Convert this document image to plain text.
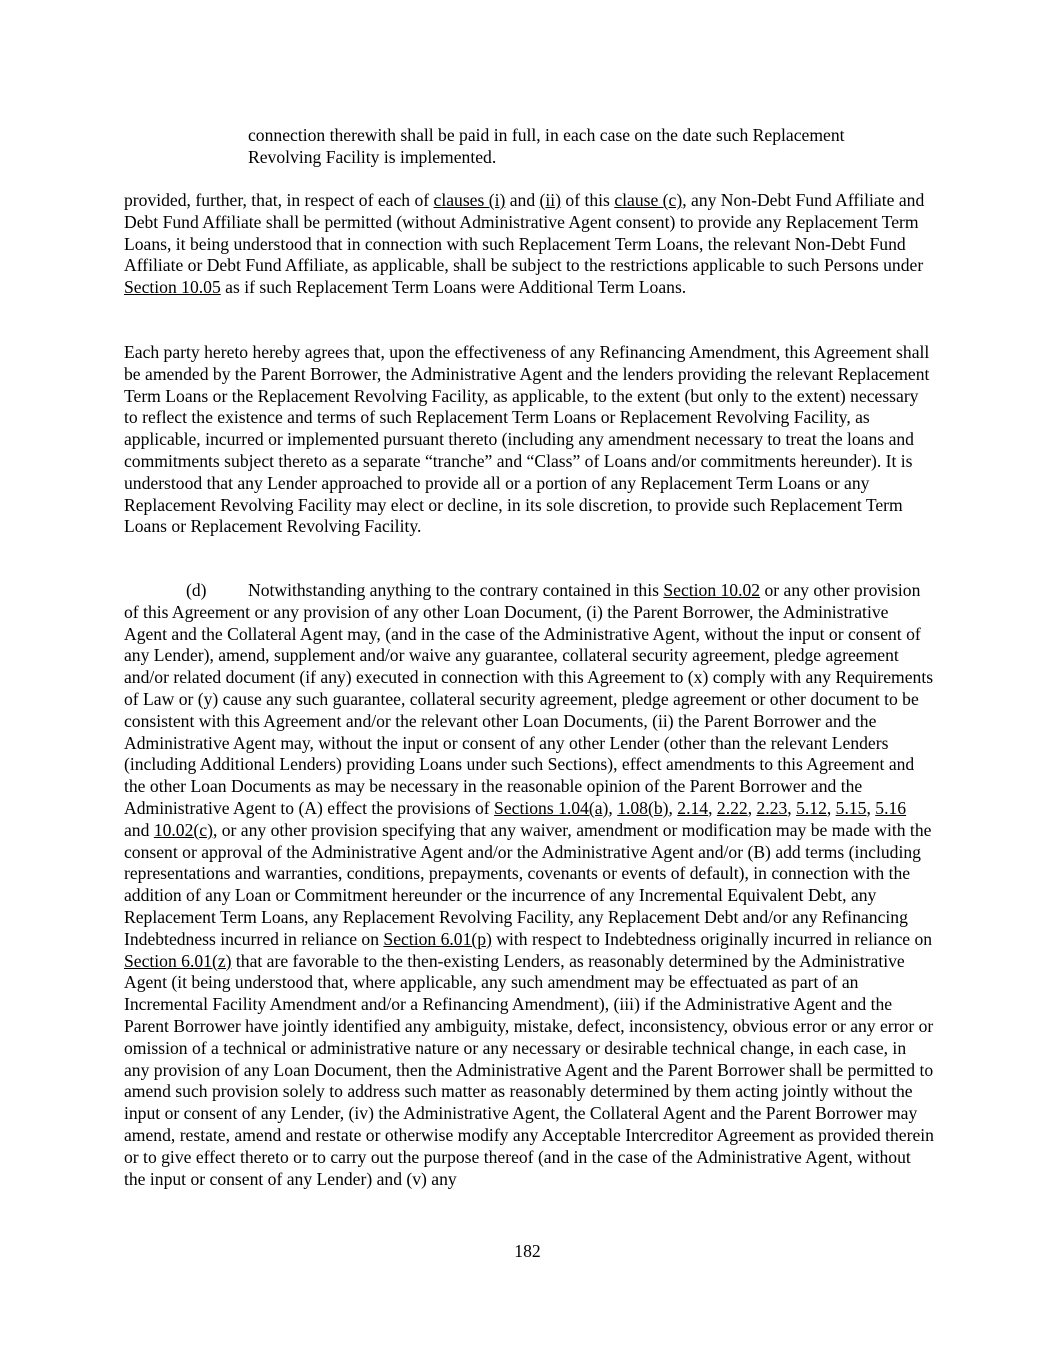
connection therewith shall be paid in full, in each case on the date such Replacement
Revolving Facility is implemented.

provided, further, that, in respect of each of clauses (i) and (ii) of this clause (c), any Non-Debt Fund Affiliate and Debt Fund Affiliate shall be permitted (without Administrative Agent consent) to provide any Replacement Term Loans, it being understood that in connection with such Replacement Term Loans, the relevant Non-Debt Fund Affiliate or Debt Fund Affiliate, as applicable, shall be subject to the restrictions applicable to such Persons under Section 10.05 as if such Replacement Term Loans were Additional Term Loans.

Each party hereto hereby agrees that, upon the effectiveness of any Refinancing Amendment, this Agreement shall be amended by the Parent Borrower, the Administrative Agent and the lenders providing the relevant Replacement Term Loans or the Replacement Revolving Facility, as applicable, to the extent (but only to the extent) necessary to reflect the existence and terms of such Replacement Term Loans or Replacement Revolving Facility, as applicable, incurred or implemented pursuant thereto (including any amendment necessary to treat the loans and commitments subject thereto as a separate “tranche” and “Class” of Loans and/or commitments hereunder). It is understood that any Lender approached to provide all or a portion of any Replacement Term Loans or any Replacement Revolving Facility may elect or decline, in its sole discretion, to provide such Replacement Term Loans or Replacement Revolving Facility.

(d) Notwithstanding anything to the contrary contained in this Section 10.02 or any other provision of this Agreement or any provision of any other Loan Document, (i) the Parent Borrower, the Administrative Agent and the Collateral Agent may, (and in the case of the Administrative Agent, without the input or consent of any Lender), amend, supplement and/or waive any guarantee, collateral security agreement, pledge agreement and/or related document (if any) executed in connection with this Agreement to (x) comply with any Requirements of Law or (y) cause any such guarantee, collateral security agreement, pledge agreement or other document to be consistent with this Agreement and/or the relevant other Loan Documents, (ii) the Parent Borrower and the Administrative Agent may, without the input or consent of any other Lender (other than the relevant Lenders (including Additional Lenders) providing Loans under such Sections), effect amendments to this Agreement and the other Loan Documents as may be necessary in the reasonable opinion of the Parent Borrower and the Administrative Agent to (A) effect the provisions of Sections 1.04(a), 1.08(b), 2.14, 2.22, 2.23, 5.12, 5.15, 5.16 and 10.02(c), or any other provision specifying that any waiver, amendment or modification may be made with the consent or approval of the Administrative Agent and/or the Administrative Agent and/or (B) add terms (including representations and warranties, conditions, prepayments, covenants or events of default), in connection with the addition of any Loan or Commitment hereunder or the incurrence of any Incremental Equivalent Debt, any Replacement Term Loans, any Replacement Revolving Facility, any Replacement Debt and/or any Refinancing Indebtedness incurred in reliance on Section 6.01(p) with respect to Indebtedness originally incurred in reliance on Section 6.01(z) that are favorable to the then-existing Lenders, as reasonably determined by the Administrative Agent (it being understood that, where applicable, any such amendment may be effectuated as part of an Incremental Facility Amendment and/or a Refinancing Amendment), (iii) if the Administrative Agent and the Parent Borrower have jointly identified any ambiguity, mistake, defect, inconsistency, obvious error or any error or omission of a technical or administrative nature or any necessary or desirable technical change, in each case, in any provision of any Loan Document, then the Administrative Agent and the Parent Borrower shall be permitted to amend such provision solely to address such matter as reasonably determined by them acting jointly without the input or consent of any Lender, (iv) the Administrative Agent, the Collateral Agent and the Parent Borrower may amend, restate, amend and restate or otherwise modify any Acceptable Intercreditor Agreement as provided therein or to give effect thereto or to carry out the purpose thereof (and in the case of the Administrative Agent, without the input or consent of any Lender) and (v) any

182
